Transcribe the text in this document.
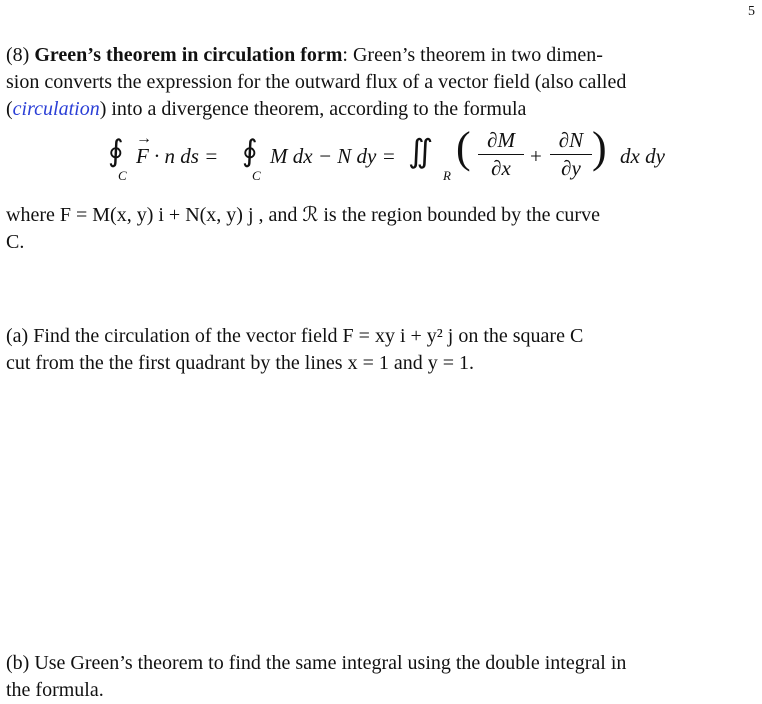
5
(8) Green’s theorem in circulation form: Green’s theorem in two dimen-
sion converts the expression for the outward flux of a vector field (also called
(circulation) into a divergence theorem, according to the formula
∮
C
→ F · n ds = ∮
C
M dx − N dy = ∬
R
( ∂M
∂x +
∂N
∂y ) dx dy
where F = M(x, y) i + N(x, y) j , and ℛ is the region bounded by the curve
C.
(a) Find the circulation of the vector field F = xy i + y² j on the square C
cut from the the first quadrant by the lines x = 1 and y = 1.
(b) Use Green’s theorem to find the same integral using the double integral in
the formula.
